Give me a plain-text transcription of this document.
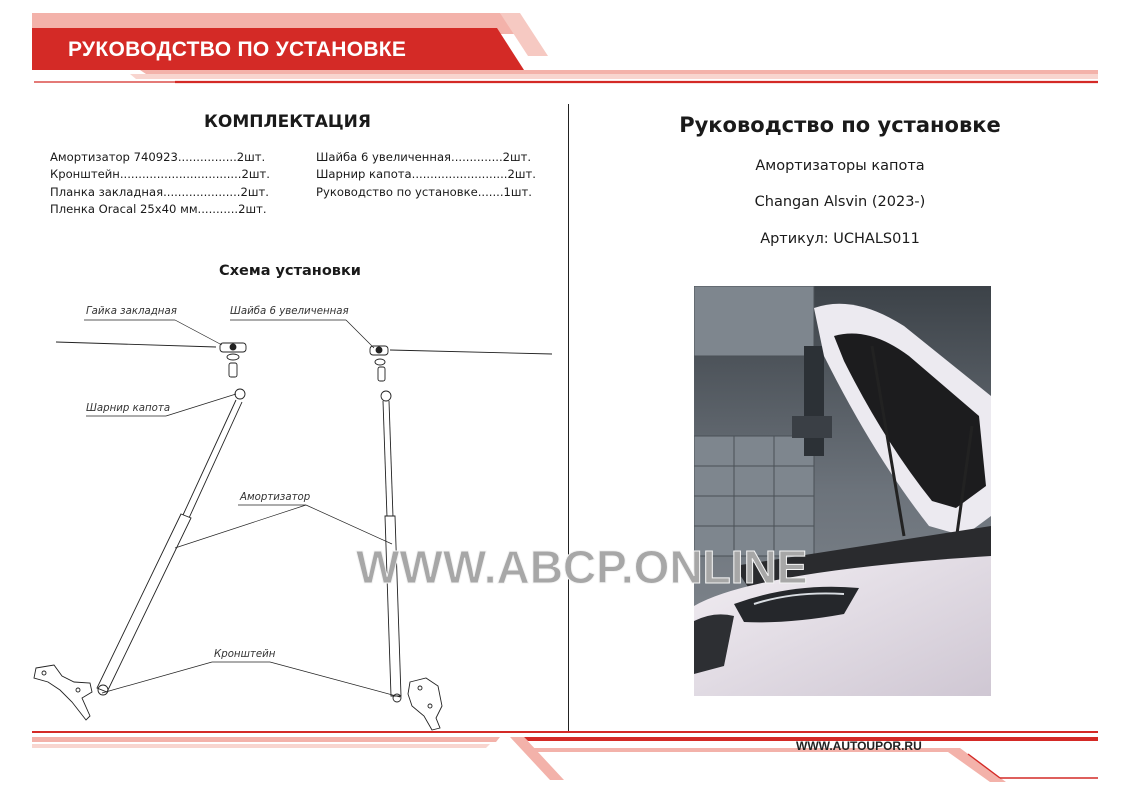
РУКОВОДСТВО ПО УСТАНОВКЕ
КОМПЛЕКТАЦИЯ
Амортизатор 740923................2шт.
Кронштейн.................................2шт.
Планка закладная.....................2шт.
Пленка Oracal 25х40 мм...........2шт.
Шайба 6 увеличенная..............2шт.
Шарнир капота..........................2шт.
Руководство по установке.......1шт.
Схема установки
Гайка закладная	Шайба 6 увеличенная
Шарнир капота
Амортизатор
Кронштейн
Руководство по установке
Амортизаторы капота
Changan Alsvin (2023-)
Артикул: UCHALS011
WWW.ABCP.ONLINE
WWW.AUTOUPOR.RU
